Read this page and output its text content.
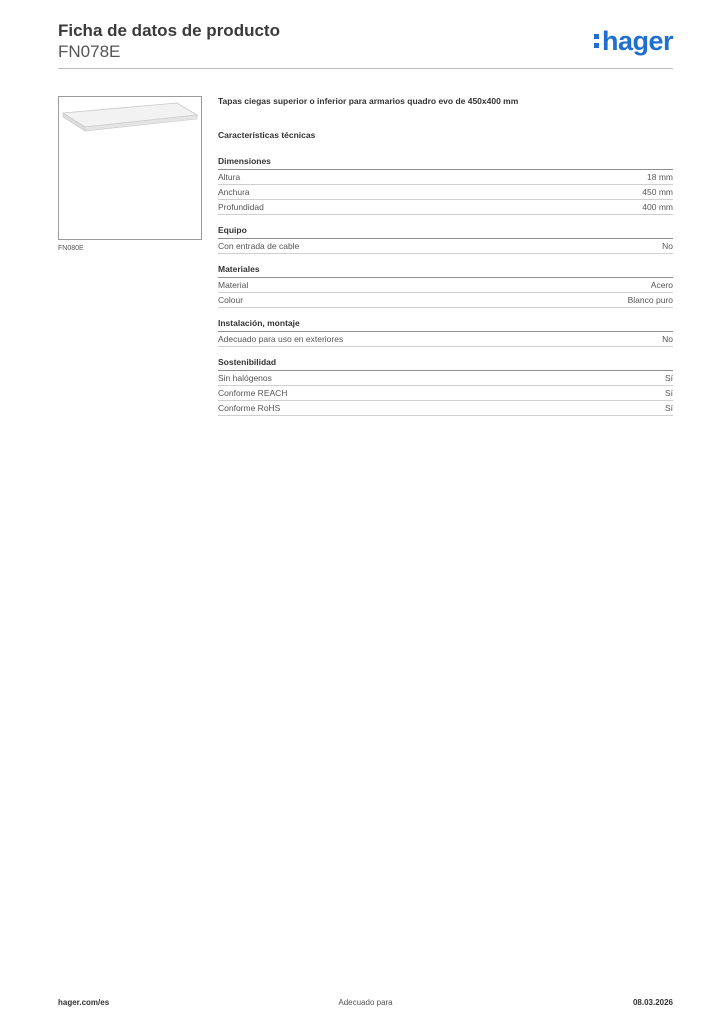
Ficha de datos de producto
FN078E	hager
FN080E
Tapas ciegas superior o inferior para armarios quadro evo de 450x400 mm
Características técnicas
Dimensiones
Altura	18 mm
Anchura	450 mm
Profundidad	400 mm
Equipo
Con entrada de cable	No
Materiales
Material	Acero
Colour	Blanco puro
Instalación, montaje
Adecuado para uso en exteriores	No
Sostenibilidad
Sin halógenos	Sí
Conforme REACH	Sí
Conforme RoHS	Sí
hager.com/es	Adecuado para	08.03.2026
